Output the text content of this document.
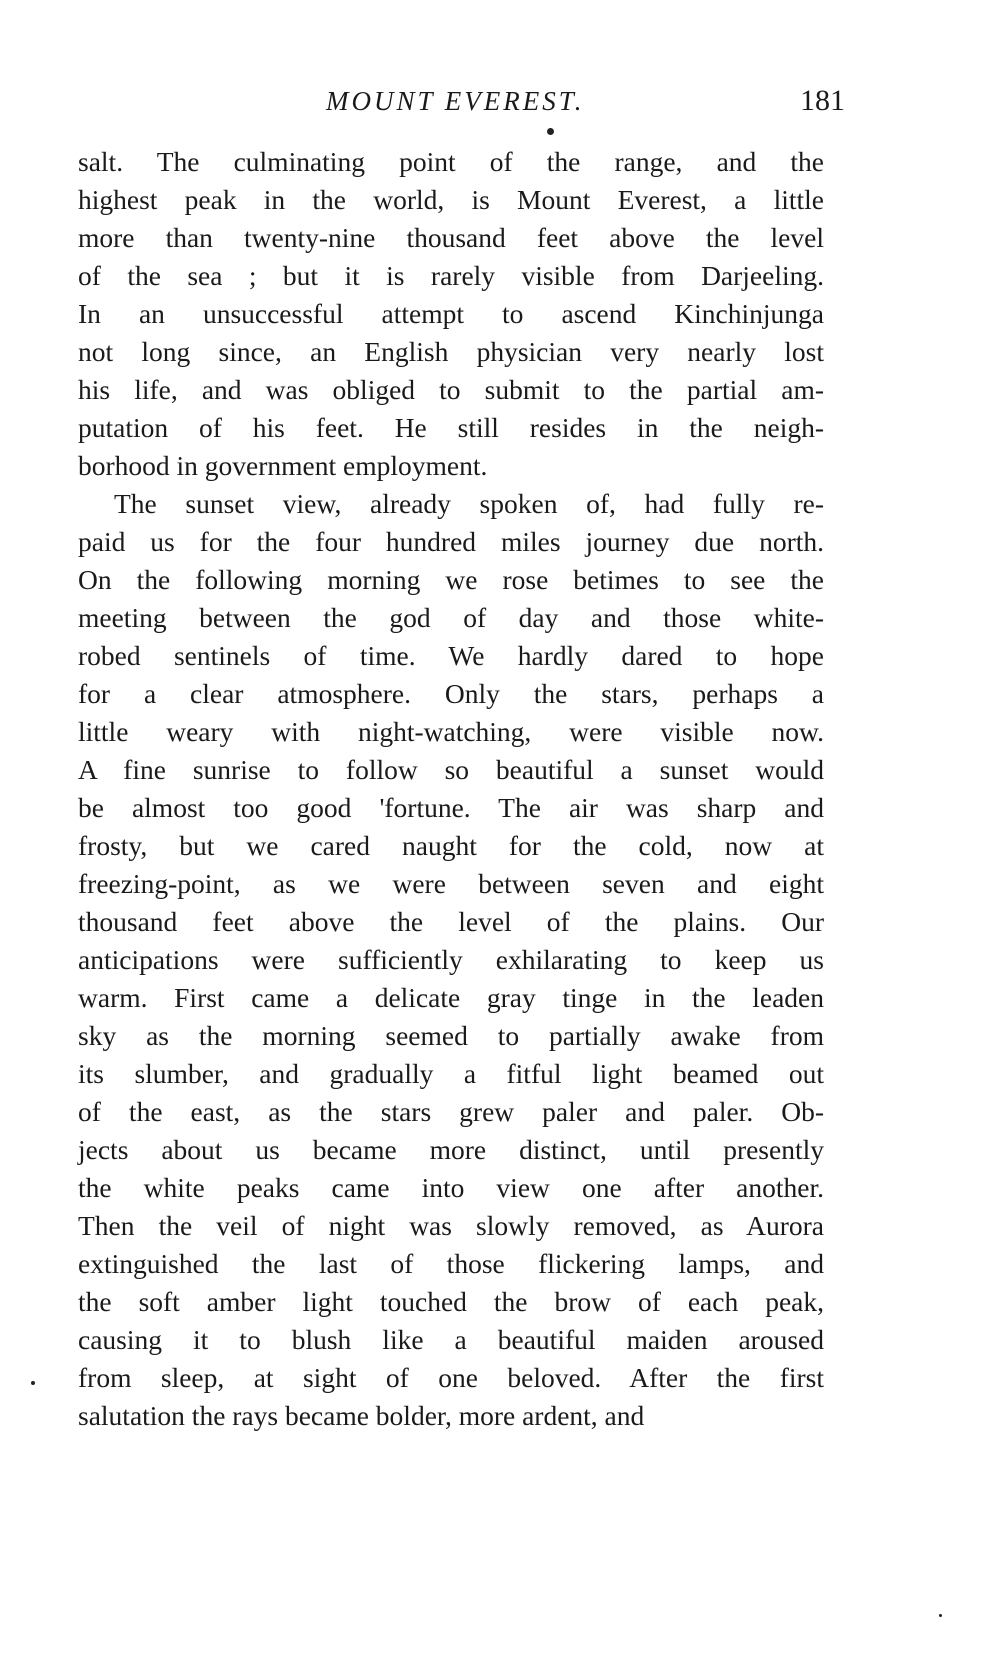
MOUNT EVEREST.	181
salt. The culminating point of the range, and the
highest peak in the world, is Mount Everest, a little
more than twenty-nine thousand feet above the level
of the sea ; but it is rarely visible from Darjeeling.
In an unsuccessful attempt to ascend Kinchinjunga
not long since, an English physician very nearly lost
his life, and was obliged to submit to the partial am-
putation of his feet. He still resides in the neigh-
borhood in government employment.
The sunset view, already spoken of, had fully re-
paid us for the four hundred miles journey due north.
On the following morning we rose betimes to see the
meeting between the god of day and those white-
robed sentinels of time. We hardly dared to hope
for a clear atmosphere. Only the stars, perhaps a
little weary with night-watching, were visible now.
A fine sunrise to follow so beautiful a sunset would
be almost too good 'fortune. The air was sharp and
frosty, but we cared naught for the cold, now at
freezing-point, as we were between seven and eight
thousand feet above the level of the plains. Our
anticipations were sufficiently exhilarating to keep us
warm. First came a delicate gray tinge in the leaden
sky as the morning seemed to partially awake from
its slumber, and gradually a fitful light beamed out
of the east, as the stars grew paler and paler. Ob-
jects about us became more distinct, until presently
the white peaks came into view one after another.
Then the veil of night was slowly removed, as Aurora
extinguished the last of those flickering lamps, and
the soft amber light touched the brow of each peak,
causing it to blush like a beautiful maiden aroused
from sleep, at sight of one beloved. After the first
salutation the rays became bolder, more ardent, and
